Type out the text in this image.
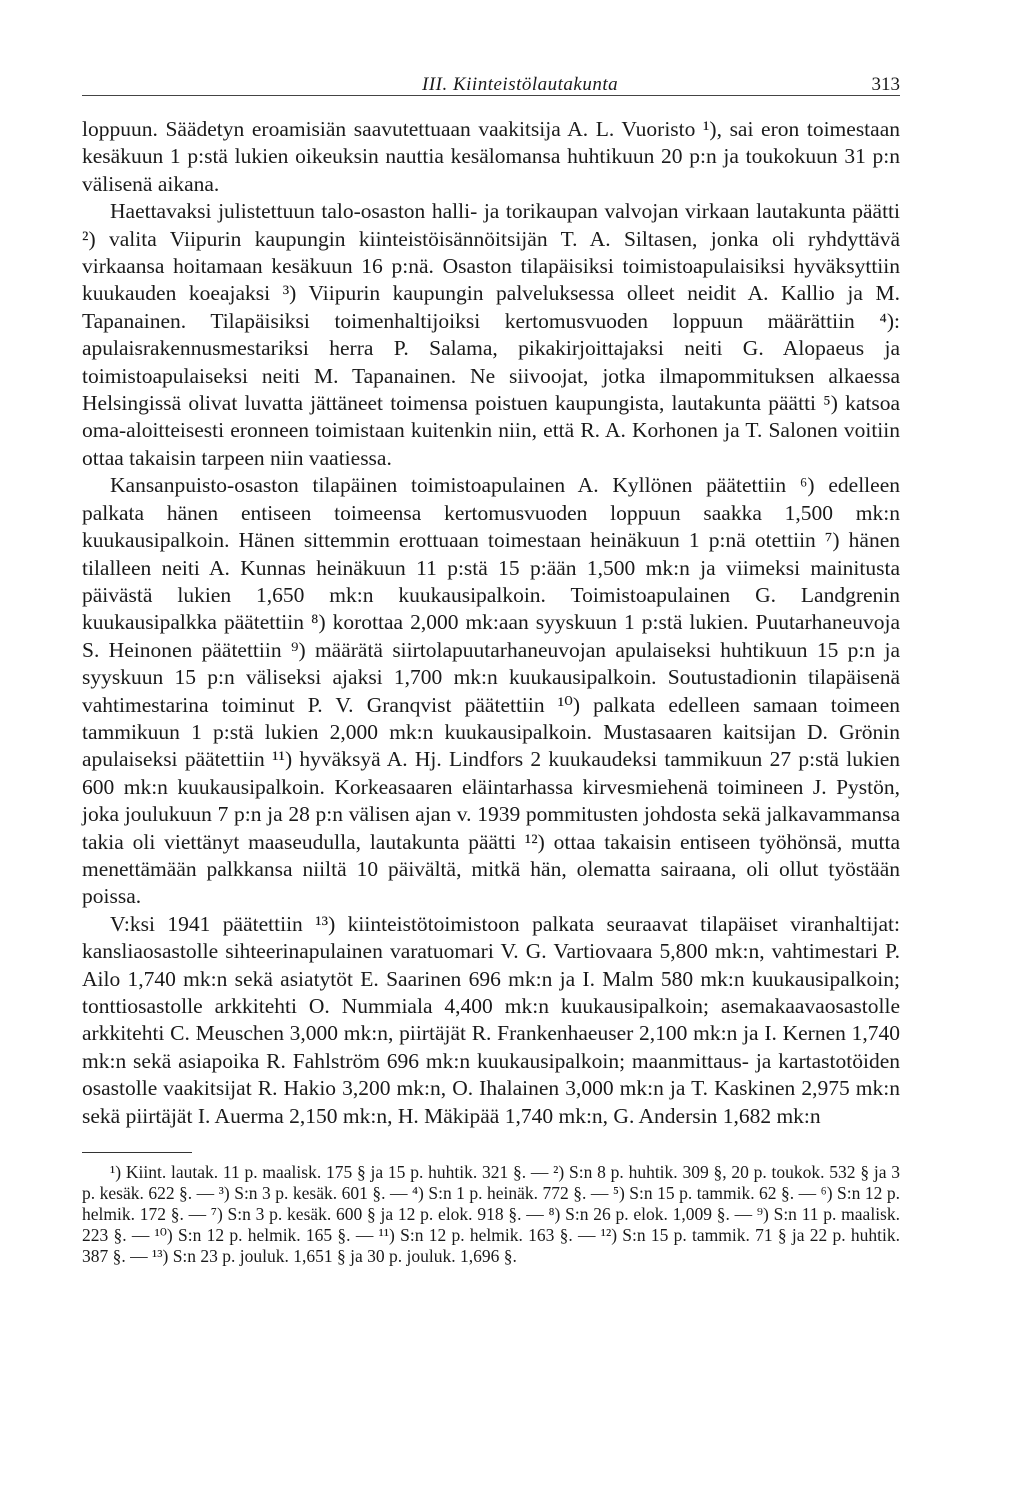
III. Kiinteistölautakunta	313

loppuun. Säädetyn eroamisiän saavutettuaan vaakitsija A. L. Vuoristo ¹), sai eron toimestaan kesäkuun 1 p:stä lukien oikeuksin nauttia kesälomansa huhtikuun 20 p:n ja toukokuun 31 p:n välisenä aikana.

Haettavaksi julistettuun talo-osaston halli- ja torikaupan valvojan virkaan lautakunta päätti ²) valita Viipurin kaupungin kiinteistöisännöitsijän T. A. Siltasen, jonka oli ryhdyttävä virkaansa hoitamaan kesäkuun 16 p:nä. Osaston tilapäisiksi toimistoapulaisiksi hyväksyttiin kuukauden koeajaksi ³) Viipurin kaupungin palveluksessa olleet neidit A. Kallio ja M. Tapanainen. Tilapäisiksi toimenhaltijoiksi kertomusvuoden loppuun määrättiin ⁴): apulaisrakennusmestariksi herra P. Salama, pikakirjoittajaksi neiti G. Alopaeus ja toimistoapulaiseksi neiti M. Tapanainen. Ne siivoojat, jotka ilmapommituksen alkaessa Helsingissä olivat luvatta jättäneet toimensa poistuen kaupungista, lautakunta päätti ⁵) katsoa oma-aloitteisesti eronneen toimistaan kuitenkin niin, että R. A. Korhonen ja T. Salonen voitiin ottaa takaisin tarpeen niin vaatiessa.

Kansanpuisto-osaston tilapäinen toimistoapulainen A. Kyllönen päätettiin ⁶) edelleen palkata hänen entiseen toimeensa kertomusvuoden loppuun saakka 1,500 mk:n kuukausipalkoin. Hänen sittemmin erottuaan toimestaan heinäkuun 1 p:nä otettiin ⁷) hänen tilalleen neiti A. Kunnas heinäkuun 11 p:stä 15 p:ään 1,500 mk:n ja viimeksi mainitusta päivästä lukien 1,650 mk:n kuukausipalkoin. Toimistoapulainen G. Landgrenin kuukausipalkka päätettiin ⁸) korottaa 2,000 mk:aan syyskuun 1 p:stä lukien. Puutarhaneuvoja S. Heinonen päätettiin ⁹) määrätä siirtolapuutarhaneuvojan apulaiseksi huhtikuun 15 p:n ja syyskuun 15 p:n väliseksi ajaksi 1,700 mk:n kuukausipalkoin. Soutustadionin tilapäisenä vahtimestarina toiminut P. V. Granqvist päätettiin ¹⁰) palkata edelleen samaan toimeen tammikuun 1 p:stä lukien 2,000 mk:n kuukausipalkoin. Mustasaaren kaitsijan D. Grönin apulaiseksi päätettiin ¹¹) hyväksyä A. Hj. Lindfors 2 kuukaudeksi tammikuun 27 p:stä lukien 600 mk:n kuukausipalkoin. Korkeasaaren eläintarhassa kirvesmiehenä toimineen J. Pystön, joka joulukuun 7 p:n ja 28 p:n välisen ajan v. 1939 pommitusten johdosta sekä jalkavammansa takia oli viettänyt maaseudulla, lautakunta päätti ¹²) ottaa takaisin entiseen työhönsä, mutta menettämään palkkansa niiltä 10 päivältä, mitkä hän, olematta sairaana, oli ollut työstään poissa.

V:ksi 1941 päätettiin ¹³) kiinteistötoimistoon palkata seuraavat tilapäiset viranhaltijat: kansliaosastolle sihteerinapulainen varatuomari V. G. Vartiovaara 5,800 mk:n, vahtimestari P. Ailo 1,740 mk:n sekä asiatytöt E. Saarinen 696 mk:n ja I. Malm 580 mk:n kuukausipalkoin; tonttiosastolle arkkitehti O. Nummiala 4,400 mk:n kuukausipalkoin; asemakaavaosastolle arkkitehti C. Meuschen 3,000 mk:n, piirtäjät R. Frankenhaeuser 2,100 mk:n ja I. Kernen 1,740 mk:n sekä asiapoika R. Fahlström 696 mk:n kuukausipalkoin; maanmittaus- ja kartastotöiden osastolle vaakitsijat R. Hakio 3,200 mk:n, O. Ihalainen 3,000 mk:n ja T. Kaskinen 2,975 mk:n sekä piirtäjät I. Auerma 2,150 mk:n, H. Mäkipää 1,740 mk:n, G. Andersin 1,682 mk:n

¹) Kiint. lautak. 11 p. maalisk. 175 § ja 15 p. huhtik. 321 §. — ²) S:n 8 p. huhtik. 309 §, 20 p. toukok. 532 § ja 3 p. kesäk. 622 §. — ³) S:n 3 p. kesäk. 601 §. — ⁴) S:n 1 p. heinäk. 772 §. — ⁵) S:n 15 p. tammik. 62 §. — ⁶) S:n 12 p. helmik. 172 §. — ⁷) S:n 3 p. kesäk. 600 § ja 12 p. elok. 918 §. — ⁸) S:n 26 p. elok. 1,009 §. — ⁹) S:n 11 p. maalisk. 223 §. — ¹⁰) S:n 12 p. helmik. 165 §. — ¹¹) S:n 12 p. helmik. 163 §. — ¹²) S:n 15 p. tammik. 71 § ja 22 p. huhtik. 387 §. — ¹³) S:n 23 p. jouluk. 1,651 § ja 30 p. jouluk. 1,696 §.
